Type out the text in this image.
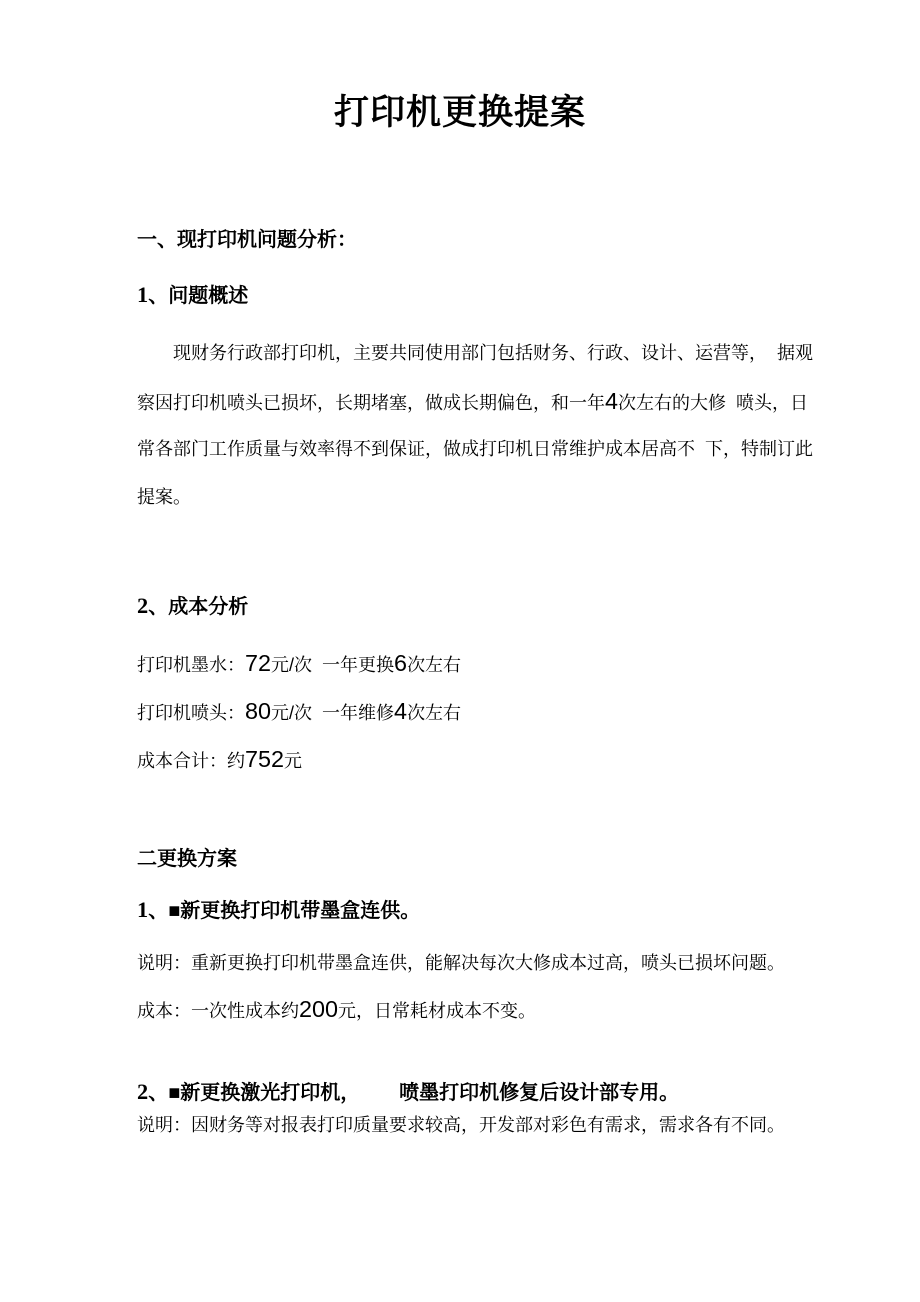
打印机更换提案
一、现打印机问题分析：
1、问题概述
现财务行政部打印机，主要共同使用部门包括财务、行政、设计、运营等，  据观
察因打印机喷头已损坏，长期堵塞，做成长期偏色，和一年4次左右的大修  喷头，日
常各部门工作质量与效率得不到保证，做成打印机日常维护成本居高不  下，特制订此
提案。
2、成本分析
打印机墨水：72元/次  一年更换6次左右
打印机喷头：80元/次  一年维修4次左右
成本合计：约752元
二更换方案
1、■新更换打印机带墨盒连供。
说明：重新更换打印机带墨盒连供，能解决每次大修成本过高，喷头已损坏问题。
成本：一次性成本约200元，日常耗材成本不变。
2、■新更换激光打印机，       喷墨打印机修复后设计部专用。
说明：因财务等对报表打印质量要求较高，开发部对彩色有需求，需求各有不同。
